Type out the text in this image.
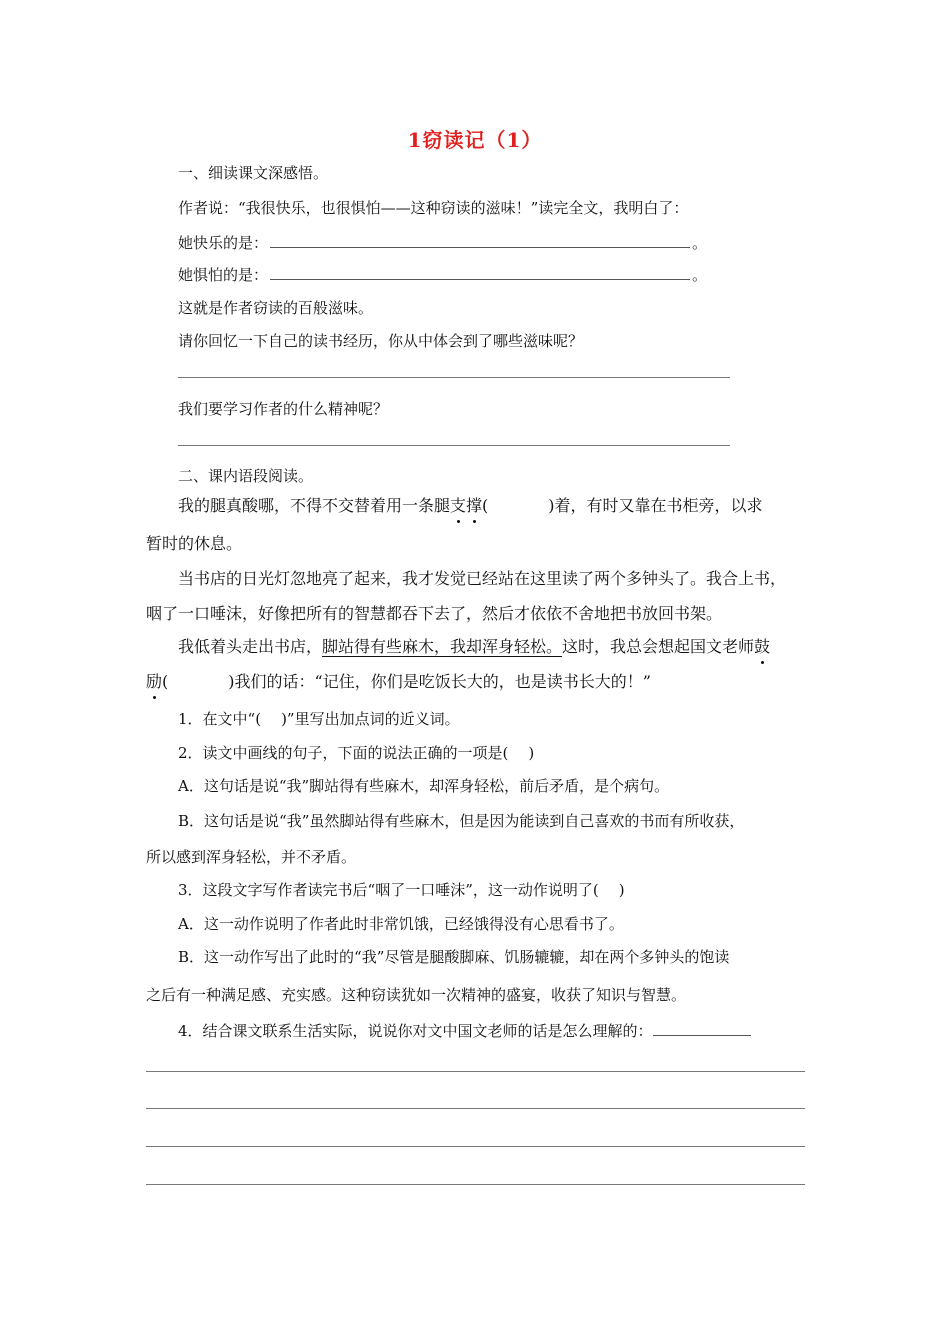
1窃读记（1）
一、细读课文深感悟。
作者说：“我很快乐，也很惧怕——这种窃读的滋味！”读完全文，我明白了：
她快乐的是：	。
她惧怕的是：	。
这就是作者窃读的百般滋味。
请你回忆一下自己的读书经历，你从中体会到了哪些滋味呢？
我们要学习作者的什么精神呢？
二、课内语段阅读。
我的腿真酸哪，不得不交替着用一条腿支撑(	)着，有时又靠在书柜旁，以求
暂时的休息。
当书店的日光灯忽地亮了起来，我才发觉已经站在这里读了两个多钟头了。我合上书，
咽了一口唾沫，好像把所有的智慧都吞下去了，然后才依依不舍地把书放回书架。
我低着头走出书店，脚站得有些麻木，我却浑身轻松。这时，我总会想起国文老师鼓
励(	)我们的话：“记住，你们是吃饭长大的，也是读书长大的！”
1．在文中“( )”里写出加点词的近义词。
2．读文中画线的句子，下面的说法正确的一项是( )
A．这句话是说“我”脚站得有些麻木，却浑身轻松，前后矛盾，是个病句。
B．这句话是说“我”虽然脚站得有些麻木，但是因为能读到自己喜欢的书而有所收获，
所以感到浑身轻松，并不矛盾。
3．这段文字写作者读完书后“咽了一口唾沫”，这一动作说明了( )
A．这一动作说明了作者此时非常饥饿，已经饿得没有心思看书了。
B．这一动作写出了此时的“我”尽管是腿酸脚麻、饥肠辘辘，却在两个多钟头的饱读
之后有一种满足感、充实感。这种窃读犹如一次精神的盛宴，收获了知识与智慧。
4．结合课文联系生活实际，说说你对文中国文老师的话是怎么理解的：
